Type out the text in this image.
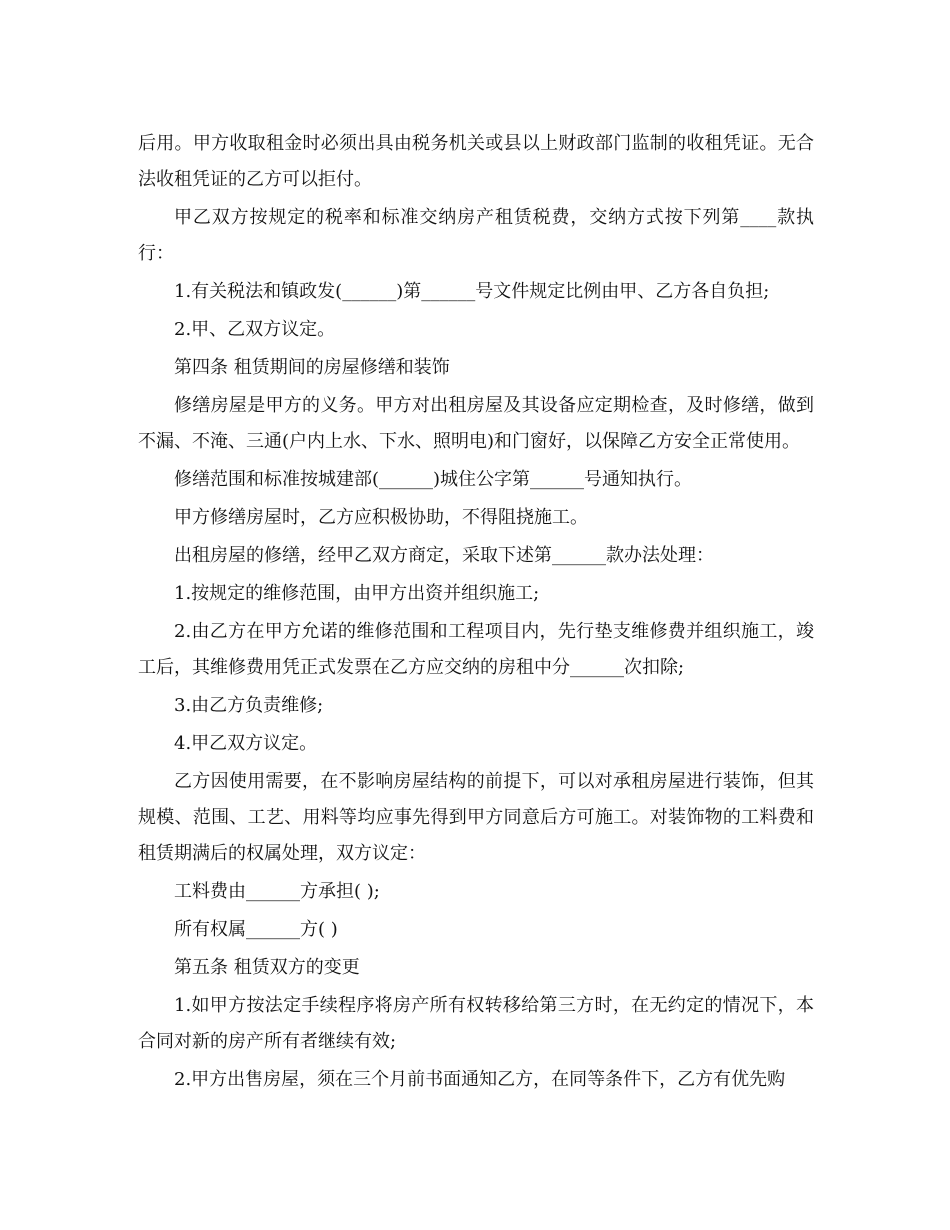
后用。甲方收取租金时必须出具由税务机关或县以上财政部门监制的收租凭证。无合法收租凭证的乙方可以拒付。

甲乙双方按规定的税率和标准交纳房产租赁税费，交纳方式按下列第____款执行：

1.有关税法和镇政发(______)第______号文件规定比例由甲、乙方各自负担;

2.甲、乙双方议定。

第四条 租赁期间的房屋修缮和装饰

修缮房屋是甲方的义务。甲方对出租房屋及其设备应定期检查，及时修缮，做到不漏、不淹、三通(户内上水、下水、照明电)和门窗好，以保障乙方安全正常使用。

修缮范围和标准按城建部(______)城住公字第______号通知执行。

甲方修缮房屋时，乙方应积极协助，不得阻挠施工。

出租房屋的修缮，经甲乙双方商定，采取下述第______款办法处理：

1.按规定的维修范围，由甲方出资并组织施工;

2.由乙方在甲方允诺的维修范围和工程项目内，先行垫支维修费并组织施工，竣工后，其维修费用凭正式发票在乙方应交纳的房租中分______次扣除;

3.由乙方负责维修;

4.甲乙双方议定。

乙方因使用需要，在不影响房屋结构的前提下，可以对承租房屋进行装饰，但其规模、范围、工艺、用料等均应事先得到甲方同意后方可施工。对装饰物的工料费和租赁期满后的权属处理，双方议定：

工料费由______方承担( );

所有权属______方( )

第五条 租赁双方的变更

1.如甲方按法定手续程序将房产所有权转移给第三方时，在无约定的情况下，本合同对新的房产所有者继续有效;

2.甲方出售房屋，须在三个月前书面通知乙方，在同等条件下，乙方有优先购
